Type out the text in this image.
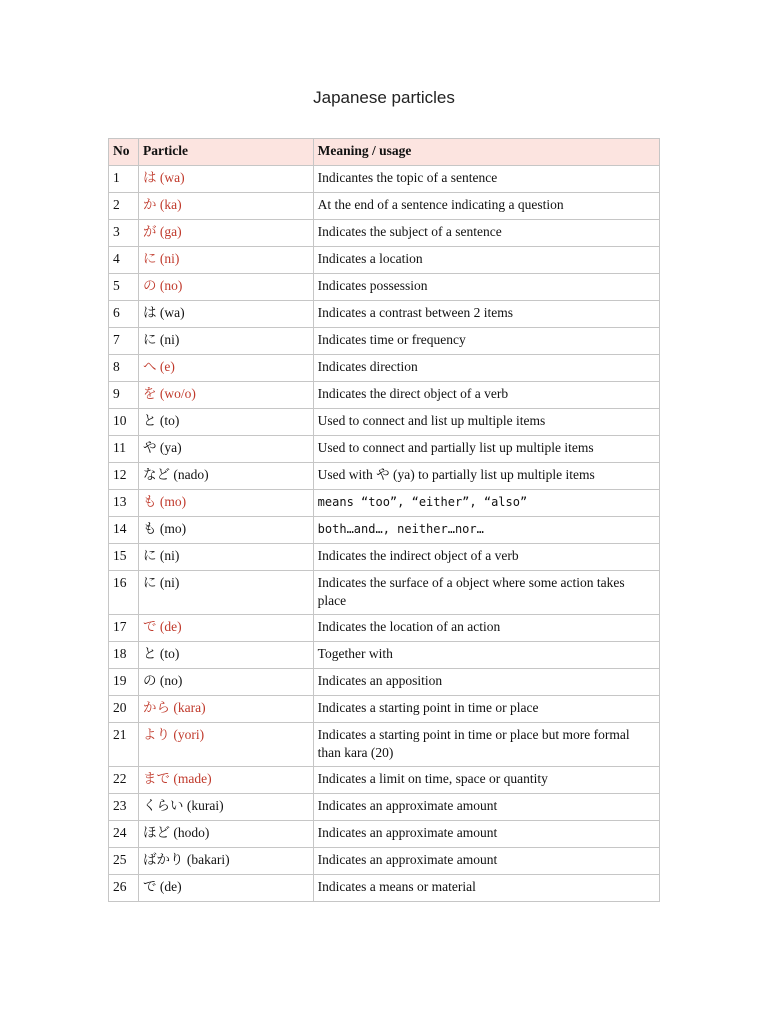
Japanese particles
No	Particle	Meaning / usage
1	は (wa)	Indicantes the topic of a sentence
2	か (ka)	At the end of a sentence indicating a question
3	が (ga)	Indicates the subject of a sentence
4	に (ni)	Indicates a location
5	の (no)	Indicates possession
6	は (wa)	Indicates a contrast between 2 items
7	に (ni)	Indicates time or frequency
8	へ (e)	Indicates direction
9	を (wo/o)	Indicates the direct object of a verb
10	と (to)	Used to connect and list up multiple items
11	や (ya)	Used to connect and partially list up multiple items
12	など (nado)	Used with や (ya) to partially list up multiple items
13	も (mo)	means “too”, “either”, “also”
14	も (mo)	both…and…, neither…nor…
15	に (ni)	Indicates the indirect object of a verb
16	に (ni)	Indicates the surface of a object where some action takes place
17	で (de)	Indicates the location of an action
18	と (to)	Together with
19	の (no)	Indicates an apposition
20	から (kara)	Indicates a starting point in time or place
21	より (yori)	Indicates a starting point in time or place but more formal than kara (20)
22	まで (made)	Indicates a limit on time, space or quantity
23	くらい (kurai)	Indicates an approximate amount
24	ほど (hodo)	Indicates an approximate amount
25	ばかり (bakari)	Indicates an approximate amount
26	で (de)	Indicates a means or material
